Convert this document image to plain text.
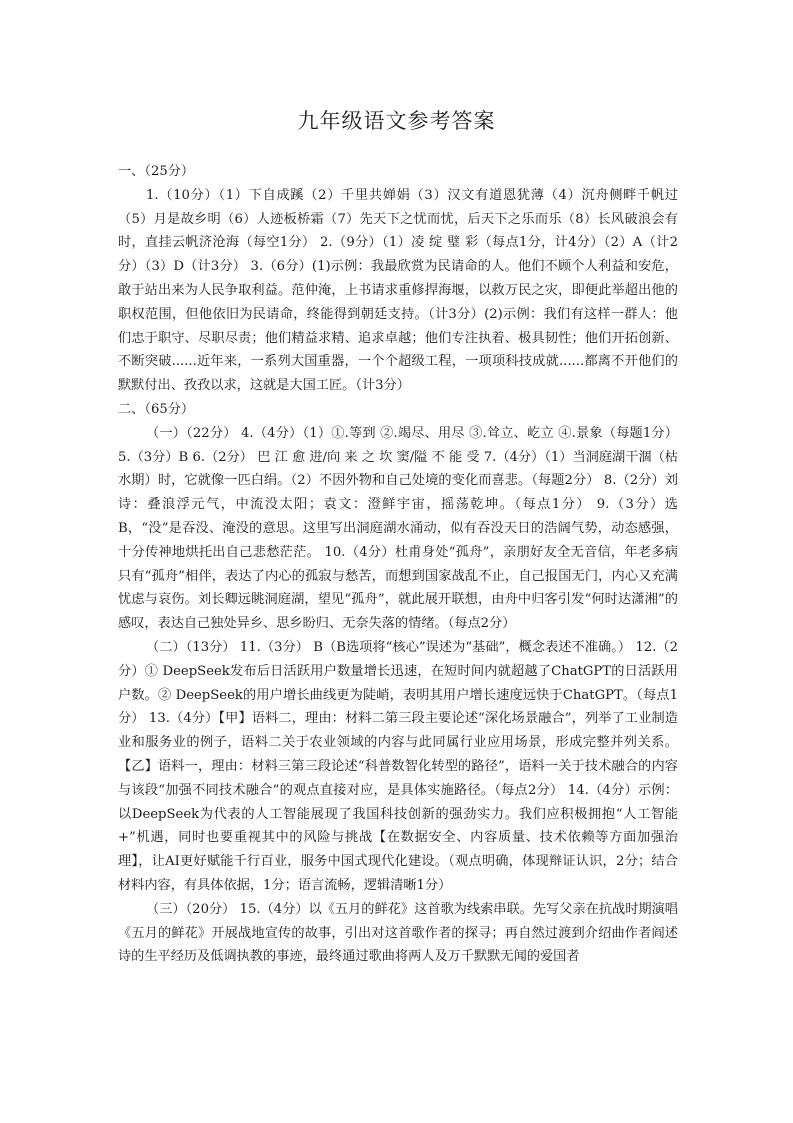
九年级语文参考答案

一、（25分）

1.（10分）（1）下自成蹊（2）千里共婵娟（3）汉文有道恩犹薄（4）沉舟侧畔千帆过（5）月是故乡明（6）人迹板桥霜（7）先天下之忧而忧，后天下之乐而乐（8）长风破浪会有时，直挂云帆济沧海（每空1分） 2.（9分）（1）凌 绽 璧 彩（每点1分，计4分）（2）A（计2分）（3）D（计3分） 3.（6分）(1)示例：我最欣赏为民请命的人。他们不顾个人利益和安危，敢于站出来为人民争取利益。范仲淹，上书请求重修捍海堰，以救万民之灾，即便此举超出他的职权范围，但他依旧为民请命，终能得到朝廷支持。（计3分）(2)示例：我们有这样一群人：他们忠于职守、尽职尽责；他们精益求精、追求卓越；他们专注执着、极具韧性；他们开拓创新、不断突破......近年来，一系列大国重器，一个个超级工程，一项项科技成就......都离不开他们的默默付出、孜孜以求，这就是大国工匠。（计3分）

二、（65分）

（一）（22分） 4.（4分）（1）①.等到 ②.竭尽、用尽 ③.耸立、屹立 ④.景象（每题1分） 5.（3分）B 6.（2分） 巴 江 愈 进/向 来 之 坎 窦/隘 不 能 受 7.（4分）（1）当洞庭湖干涸（枯水期）时，它就像一匹白绢。（2）不因外物和自己处境的变化而喜悲。（每题2分） 8.（2分）刘诗：叠浪浮元气，中流没太阳；袁文：澄鲜宇宙，摇荡乾坤。（每点1分） 9.（3分）选B，“没”是吞没、淹没的意思。这里写出洞庭湖水涌动，似有吞没天日的浩阔气势，动态感强，十分传神地烘托出自己悲愁茫茫。 10.（4分）杜甫身处“孤舟”，亲朋好友全无音信，年老多病只有“孤舟”相伴，表达了内心的孤寂与愁苦，而想到国家战乱不止，自己报国无门，内心又充满忧虑与哀伤。刘长卿远眺洞庭湖，望见“孤舟”，就此展开联想，由舟中归客引发“何时达潇湘”的感叹，表达自己独处异乡、思乡盼归、无奈失落的情绪。（每点2分）

（二）（13分） 11.（3分） B（B选项将“核心”误述为“基础”，概念表述不准确。） 12.（2分）① DeepSeek发布后日活跃用户数量增长迅速，在短时间内就超越了ChatGPT的日活跃用户数。② DeepSeek的用户增长曲线更为陡峭，表明其用户增长速度远快于ChatGPT。（每点1分） 13.（4分）【甲】语料二，理由：材料二第三段主要论述“深化场景融合”，列举了工业制造业和服务业的例子，语料二关于农业领域的内容与此同属行业应用场景，形成完整并列关系。【乙】语料一，理由：材料三第三段论述“科普数智化转型的路径”，语料一关于技术融合的内容与该段“加强不同技术融合”的观点直接对应，是具体实施路径。（每点2分） 14.（4分）示例：以DeepSeek为代表的人工智能展现了我国科技创新的强劲实力。我们应积极拥抱“人工智能+”机遇，同时也要重视其中的风险与挑战【在数据安全、内容质量、技术依赖等方面加强治理】，让AI更好赋能千行百业，服务中国式现代化建设。（观点明确，体现辩证认识，2分；结合材料内容，有具体依据，1分；语言流畅，逻辑清晰1分）

（三）（20分） 15.（4分）以《五月的鲜花》这首歌为线索串联。先写父亲在抗战时期演唱《五月的鲜花》开展战地宣传的故事，引出对这首歌作者的探寻；再自然过渡到介绍曲作者阎述诗的生平经历及低调执教的事迹，最终通过歌曲将两人及万千默默无闻的爱国者
